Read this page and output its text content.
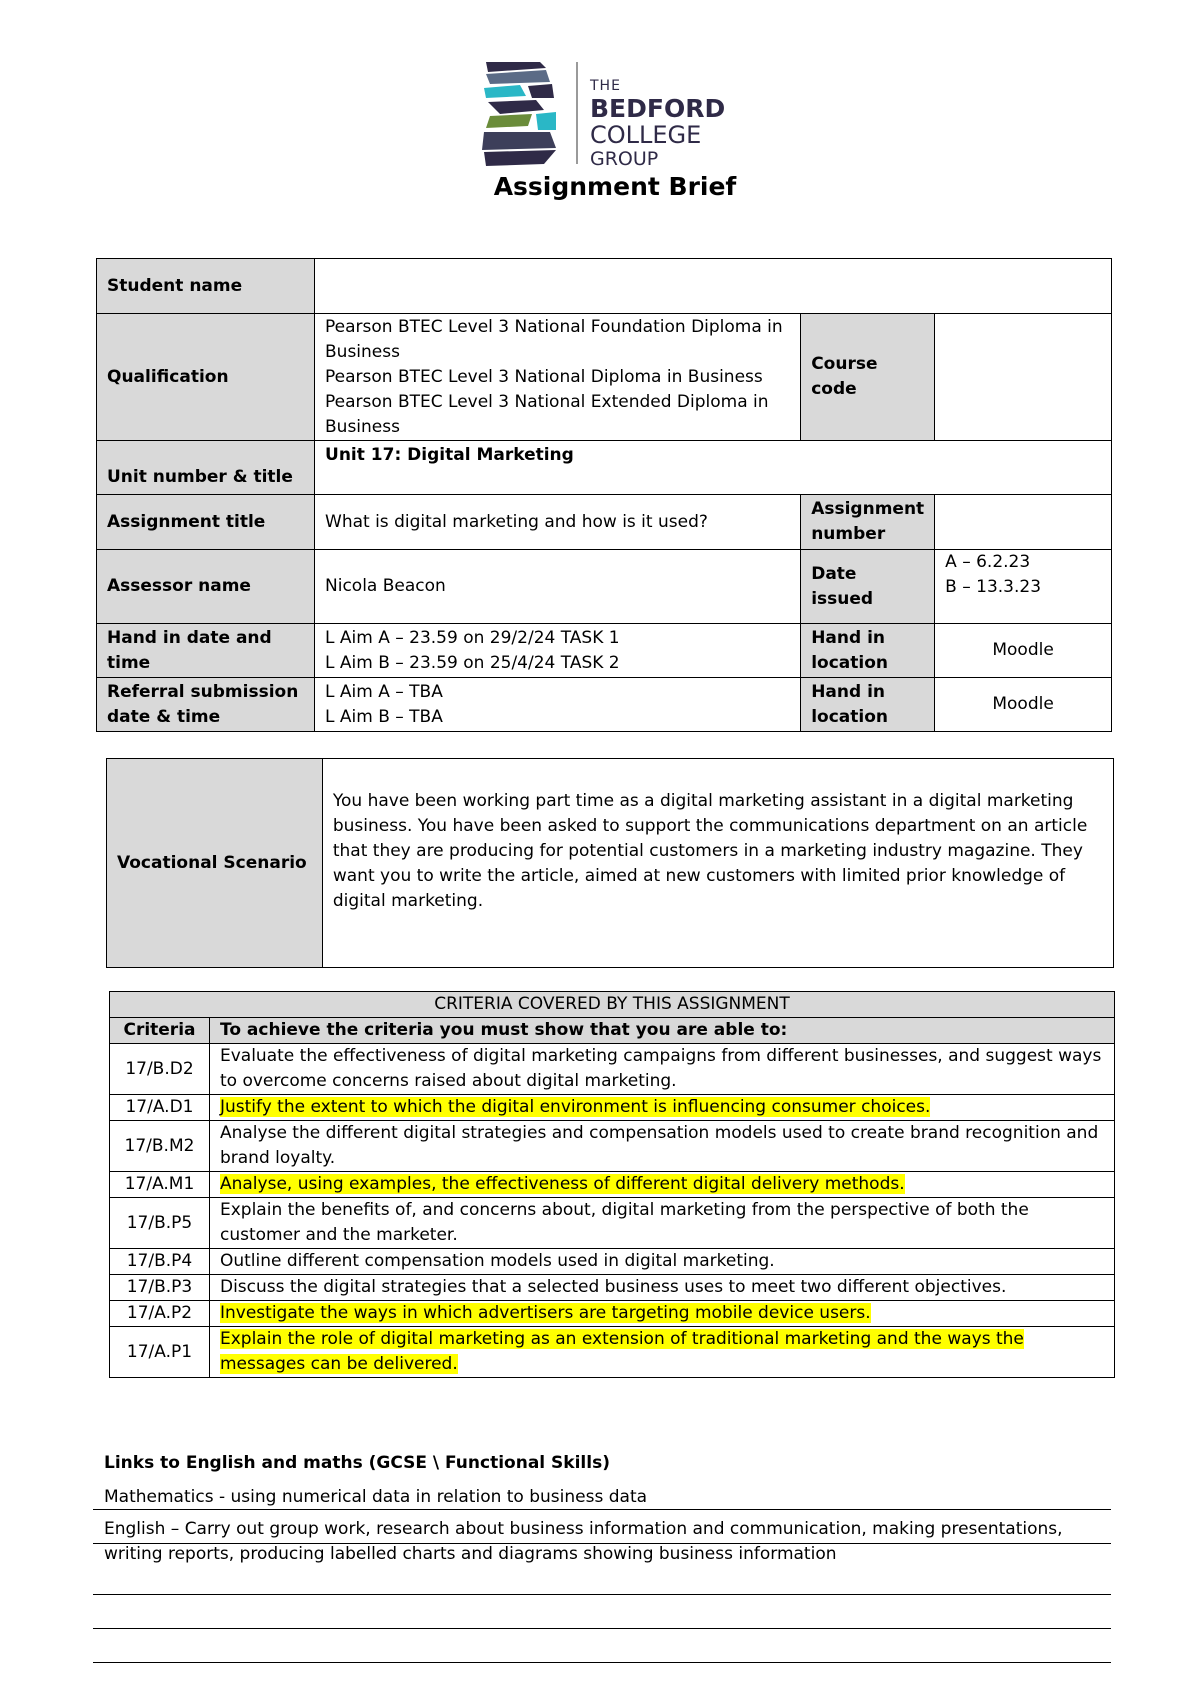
THE
BEDFORD
COLLEGE
GROUP
Assignment Brief
Student name			
Qualification	Pearson BTEC Level 3 National Foundation Diploma in Business
Pearson BTEC Level 3 National Diploma in Business
Pearson BTEC Level 3 National Extended Diploma in Business	Course code	
Unit number & title	Unit 17: Digital Marketing		
Assignment title	What is digital marketing and how is it used?	Assignment number	
Assessor name	Nicola Beacon	Date issued	A – 6.2.23
B – 13.3.23

Hand in date and time	L Aim A – 23.59 on 29/2/24 TASK 1
L Aim B – 23.59 on 25/4/24 TASK 2	Hand in location	Moodle
Referral submission date & time	L Aim A – TBA
L Aim B – TBA	Hand in location	Moodle
Vocational Scenario	You have been working part time as a digital marketing assistant in a digital marketing business. You have been asked to support the communications department on an article that they are producing for potential customers in a marketing industry magazine. They want you to write the article, aimed at new customers with limited prior knowledge of digital marketing.
CRITERIA COVERED BY THIS ASSIGNMENT	
Criteria	To achieve the criteria you must show that you are able to:
17/B.D2	Evaluate the effectiveness of digital marketing campaigns from different businesses, and suggest ways to overcome concerns raised about digital marketing.
17/A.D1	Justify the extent to which the digital environment is influencing consumer choices.
17/B.M2	Analyse the different digital strategies and compensation models used to create brand recognition and brand loyalty.
17/A.M1	Analyse, using examples, the effectiveness of different digital delivery methods.
17/B.P5	Explain the benefits of, and concerns about, digital marketing from the perspective of both the customer and the marketer.
17/B.P4	Outline different compensation models used in digital marketing.
17/B.P3	Discuss the digital strategies that a selected business uses to meet two different objectives.
17/A.P2	Investigate the ways in which advertisers are targeting mobile device users.
17/A.P1	Explain the role of digital marketing as an extension of traditional marketing and the ways the messages can be delivered.
Links to English and maths (GCSE \ Functional Skills)
Mathematics - using numerical data in relation to business data
English – Carry out group work, research about business information and communication, making presentations, writing reports, producing labelled charts and diagrams showing business information
